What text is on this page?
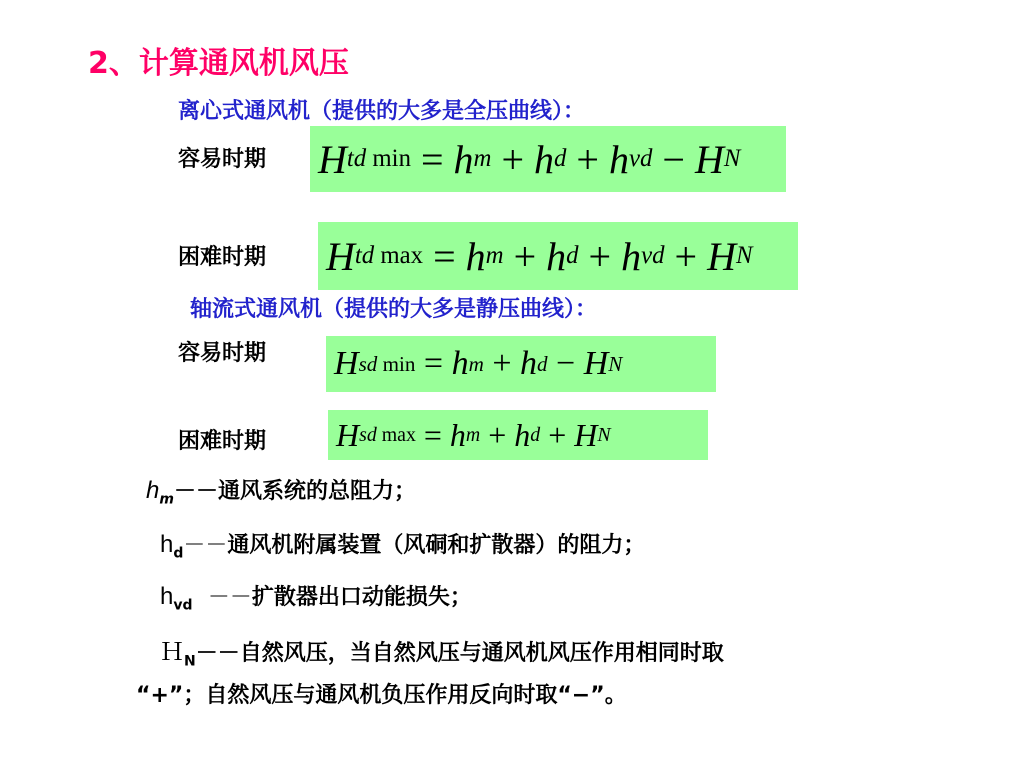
2、计算通风机风压
离心式通风机（提供的大多是全压曲线）：
容易时期 H td min = h m + h d + h vd − H N
困难时期 H td max = h m + h d + h vd + H N
轴流式通风机（提供的大多是静压曲线）：
容易时期 H sd min = h m + h d − H N
困难时期 H sd max = h m + h d + H N
$h_m--$通风系统的总阻力；
$h_d--$通风机附属装置（风硐和扩散器）的阻力；
$h_{vd}$ －－扩散器出口动能损失；
Ｈ$_N$－－自然风压，当自然风压与通风机风压作用相同时取
“+”；自然风压与通风机负压作用反向时取“−”。
